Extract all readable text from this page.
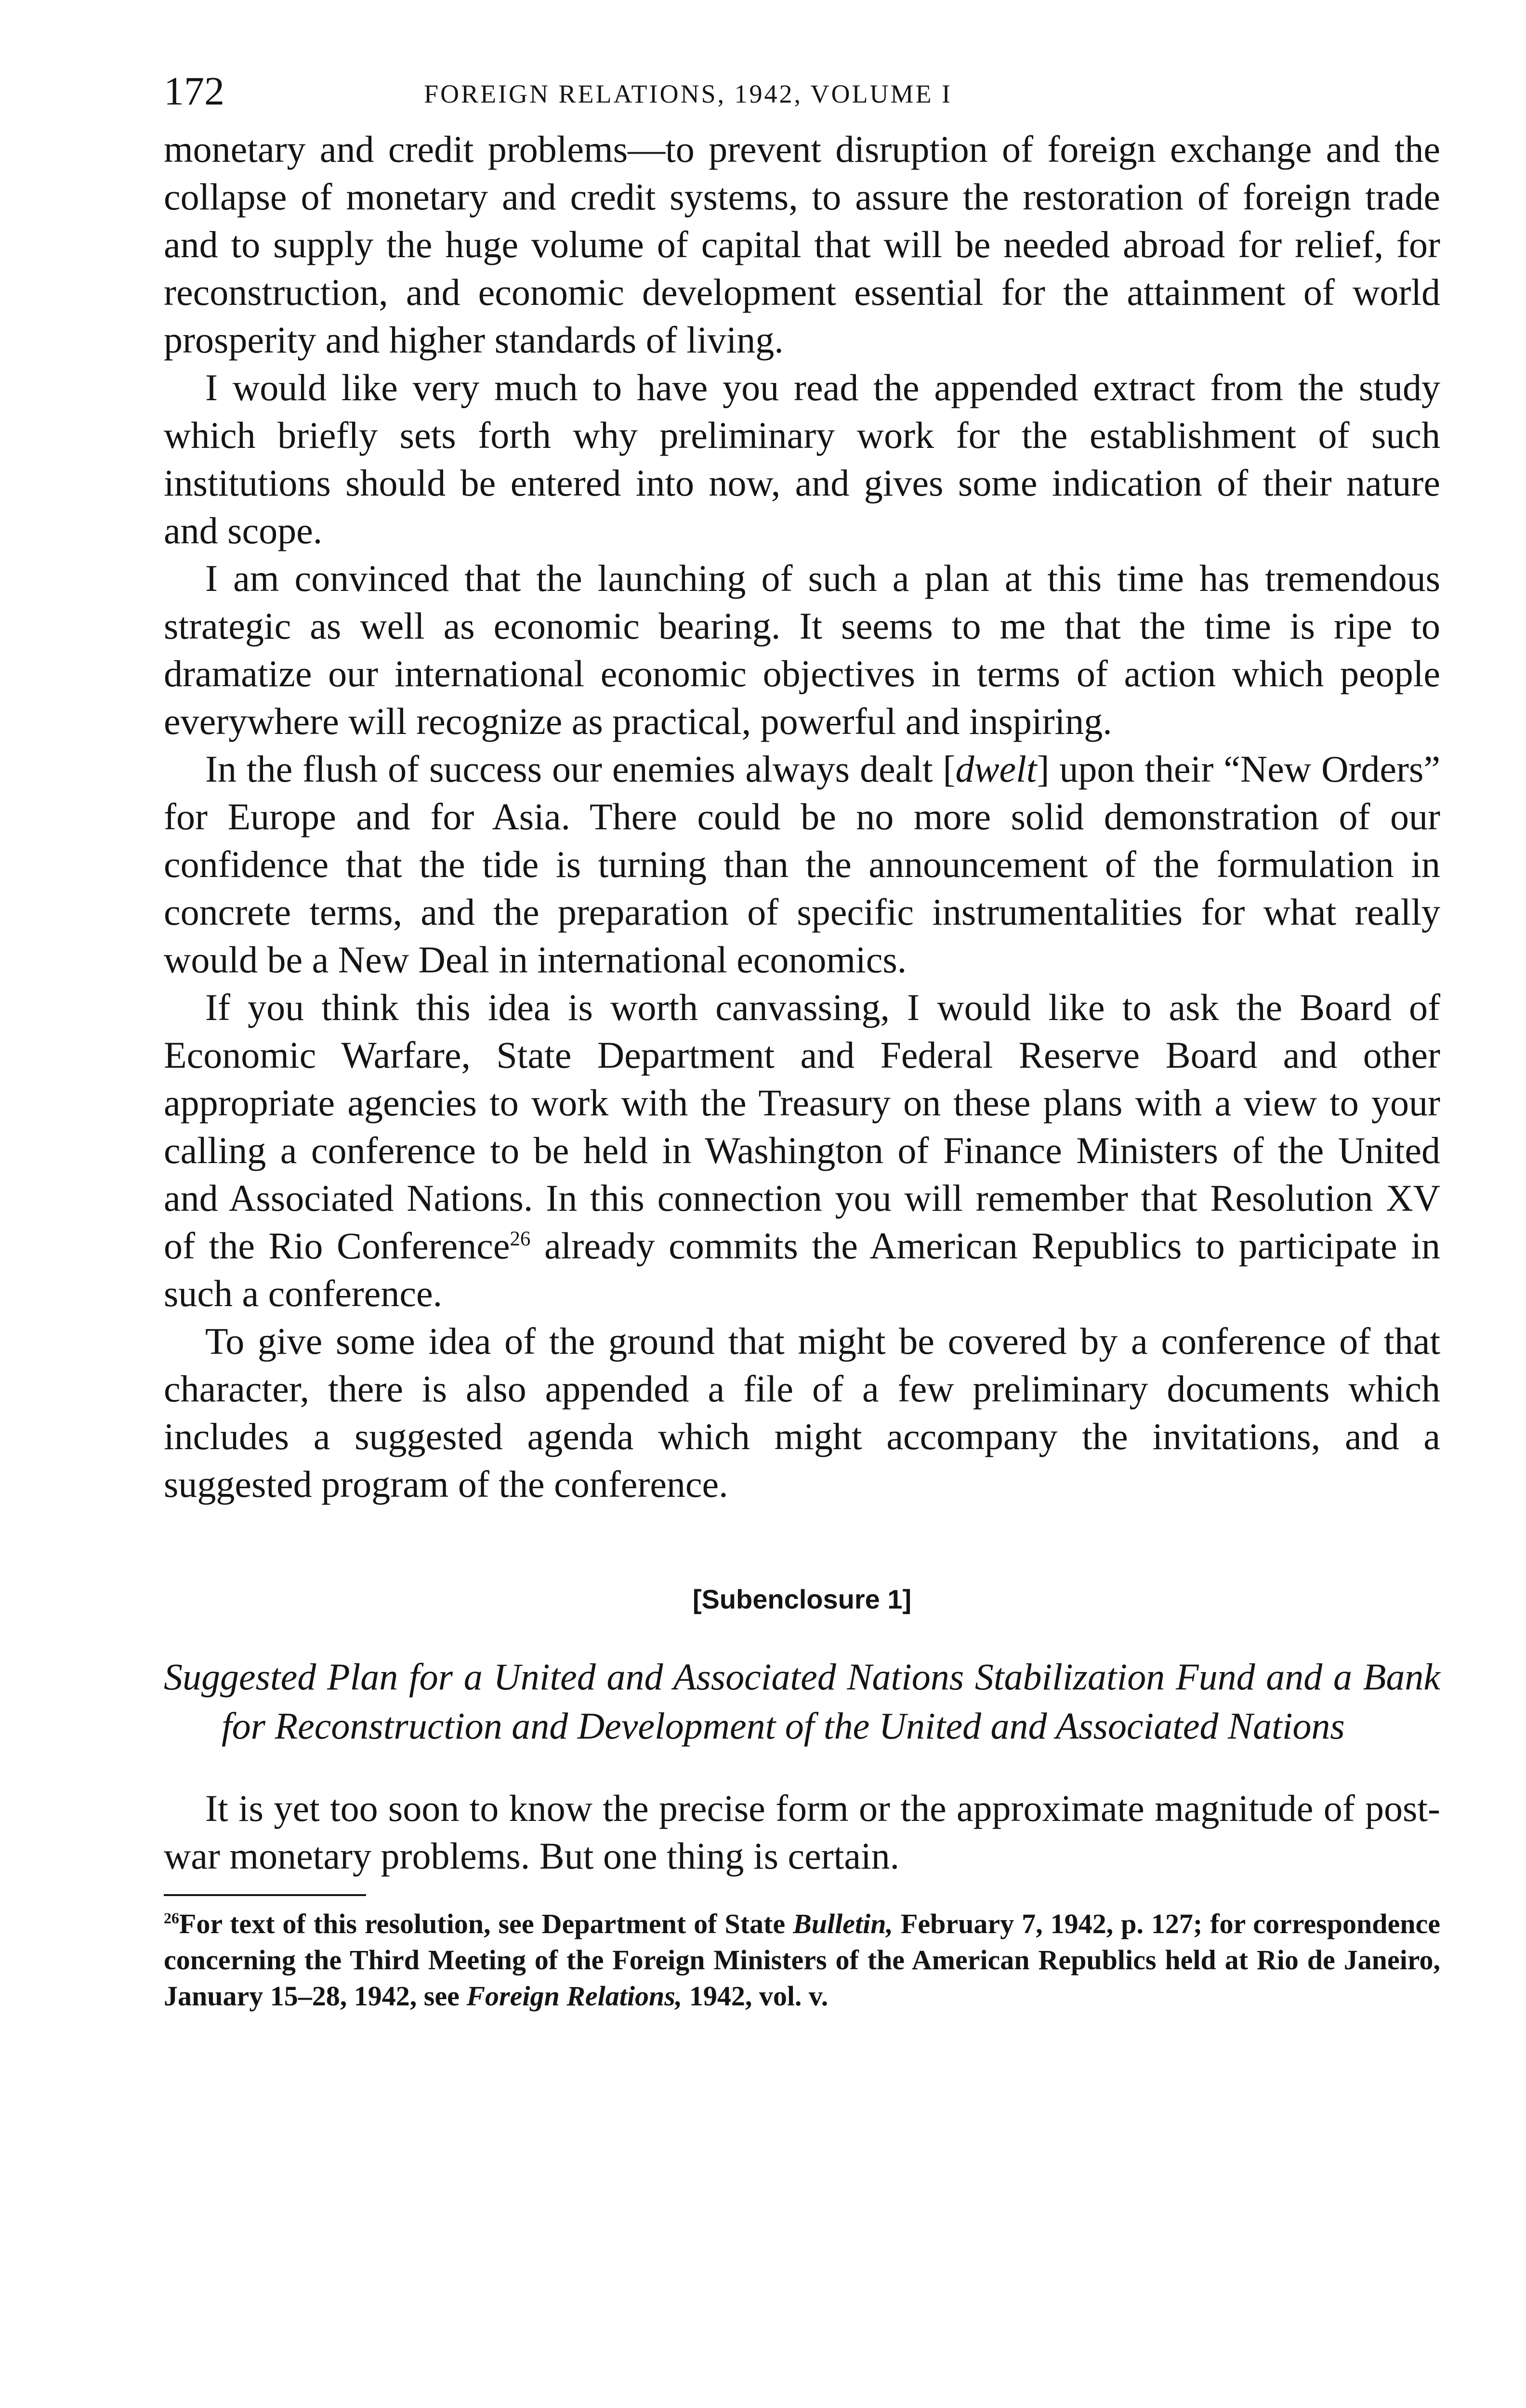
172	FOREIGN RELATIONS, 1942, VOLUME I

monetary and credit problems—to prevent disruption of foreign exchange and the collapse of monetary and credit systems, to assure the restoration of foreign trade and to supply the huge volume of capital that will be needed abroad for relief, for reconstruction, and economic development essential for the attainment of world prosperity and higher standards of living.

I would like very much to have you read the appended extract from the study which briefly sets forth why preliminary work for the establishment of such institutions should be entered into now, and gives some indication of their nature and scope.

I am convinced that the launching of such a plan at this time has tremendous strategic as well as economic bearing. It seems to me that the time is ripe to dramatize our international economic objectives in terms of action which people everywhere will recognize as practical, powerful and inspiring.

In the flush of success our enemies always dealt [dwelt] upon their “New Orders” for Europe and for Asia. There could be no more solid demonstration of our confidence that the tide is turning than the announcement of the formulation in concrete terms, and the preparation of specific instrumentalities for what really would be a New Deal in international economics.

If you think this idea is worth canvassing, I would like to ask the Board of Economic Warfare, State Department and Federal Reserve Board and other appropriate agencies to work with the Treasury on these plans with a view to your calling a conference to be held in Washington of Finance Ministers of the United and Associated Nations. In this connection you will remember that Resolution XV of the Rio Conference$^{26}$ already commits the American Republics to participate in such a conference.

To give some idea of the ground that might be covered by a conference of that character, there is also appended a file of a few preliminary documents which includes a suggested agenda which might accompany the invitations, and a suggested program of the conference.

[Subenclosure 1]
Suggested Plan for a United and Associated Nations Stabilization Fund and a Bank for Reconstruction and Development of the United and Associated Nations

It is yet too soon to know the precise form or the approximate magnitude of post-war monetary problems. But one thing is certain.

$^{26}$For text of this resolution, see Department of State Bulletin, February 7, 1942, p. 127; for correspondence concerning the Third Meeting of the Foreign Ministers of the American Republics held at Rio de Janeiro, January 15–28, 1942, see Foreign Relations, 1942, vol. v.
